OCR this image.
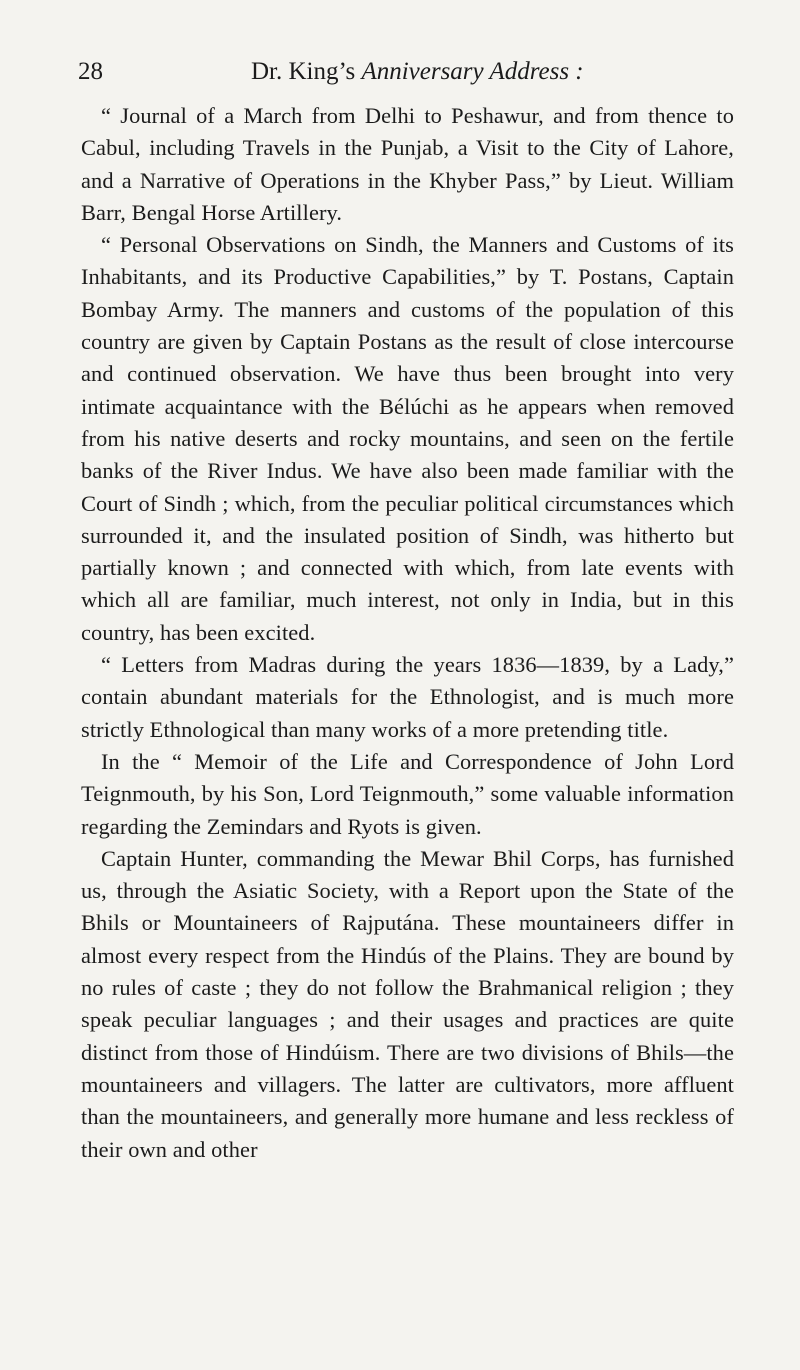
28	Dr. King’s Anniversary Address :

“ Journal of a March from Delhi to Peshawur, and from thence to Cabul, including Travels in the Punjab, a Visit to the City of Lahore, and a Narrative of Operations in the Khyber Pass,” by Lieut. William Barr, Bengal Horse Artillery.

“ Personal Observations on Sindh, the Manners and Customs of its Inhabitants, and its Productive Capabilities,” by T. Postans, Captain Bombay Army. The manners and customs of the population of this country are given by Captain Postans as the result of close intercourse and continued observation. We have thus been brought into very intimate acquaintance with the Bélúchi as he appears when removed from his native deserts and rocky mountains, and seen on the fertile banks of the River Indus. We have also been made familiar with the Court of Sindh ; which, from the peculiar political circumstances which surrounded it, and the insulated position of Sindh, was hitherto but partially known ; and connected with which, from late events with which all are familiar, much interest, not only in India, but in this country, has been excited.

“ Letters from Madras during the years 1836—1839, by a Lady,” contain abundant materials for the Ethnologist, and is much more strictly Ethnological than many works of a more pretending title.

In the “ Memoir of the Life and Correspondence of John Lord Teignmouth, by his Son, Lord Teignmouth,” some valuable information regarding the Zemindars and Ryots is given.

Captain Hunter, commanding the Mewar Bhil Corps, has furnished us, through the Asiatic Society, with a Report upon the State of the Bhils or Mountaineers of Rajputána. These mountaineers differ in almost every respect from the Hindús of the Plains. They are bound by no rules of caste ; they do not follow the Brahmanical religion ; they speak peculiar languages ; and their usages and practices are quite distinct from those of Hindúism. There are two divisions of Bhils—the mountaineers and villagers. The latter are cultivators, more affluent than the mountaineers, and generally more humane and less reckless of their own and other
